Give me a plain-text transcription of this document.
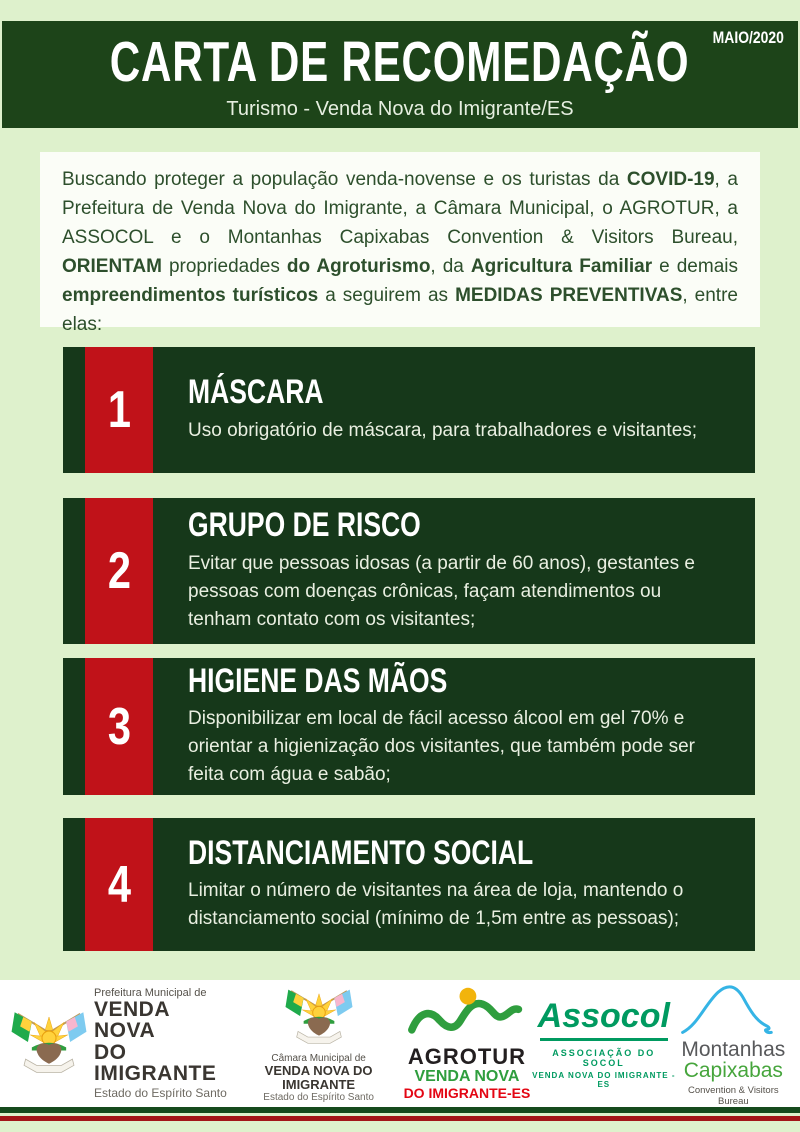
MAIO/2020
CARTA DE RECOMEDAÇÃO
Turismo - Venda Nova do Imigrante/ES

Buscando proteger a população venda-novense e os turistas da COVID-19, a Prefeitura de Venda Nova do Imigrante, a Câmara Municipal, o AGROTUR, a ASSOCOL e o Montanhas Capixabas Convention & Visitors Bureau, ORIENTAM propriedades do Agroturismo, da Agricultura Familiar e demais empreendimentos turísticos a seguirem as MEDIDAS PREVENTIVAS, entre elas:

1 MÁSCARA

Uso obrigatório de máscara, para trabalhadores e visitantes;

2
GRUPO DE RISCO

Evitar que pessoas idosas (a partir de 60 anos), gestantes e pessoas com doenças crônicas, façam atendimentos ou tenham contato com os visitantes;

3
HIGIENE DAS MÃOS

Disponibilizar em local de fácil acesso álcool em gel 70% e orientar a higienização dos visitantes, que também pode ser feita com água e sabão;

4
DISTANCIAMENTO SOCIAL

Limitar o número de visitantes na área de loja, mantendo o distanciamento social (mínimo de 1,5m entre as pessoas);

Prefeitura Municipal de
VENDA NOVA
DO IMIGRANTE
Estado do Espírito Santo
Câmara Municipal de
VENDA NOVA DO IMIGRANTE
Estado do Espírito Santo
AGROTUR
VENDA NOVA
DO IMIGRANTE-ES
Assocol
ASSOCIAÇÃO DO SOCOL
VENDA NOVA DO IMIGRANTE - ES
Montanhas
Capixabas
Convention & Visitors Bureau
